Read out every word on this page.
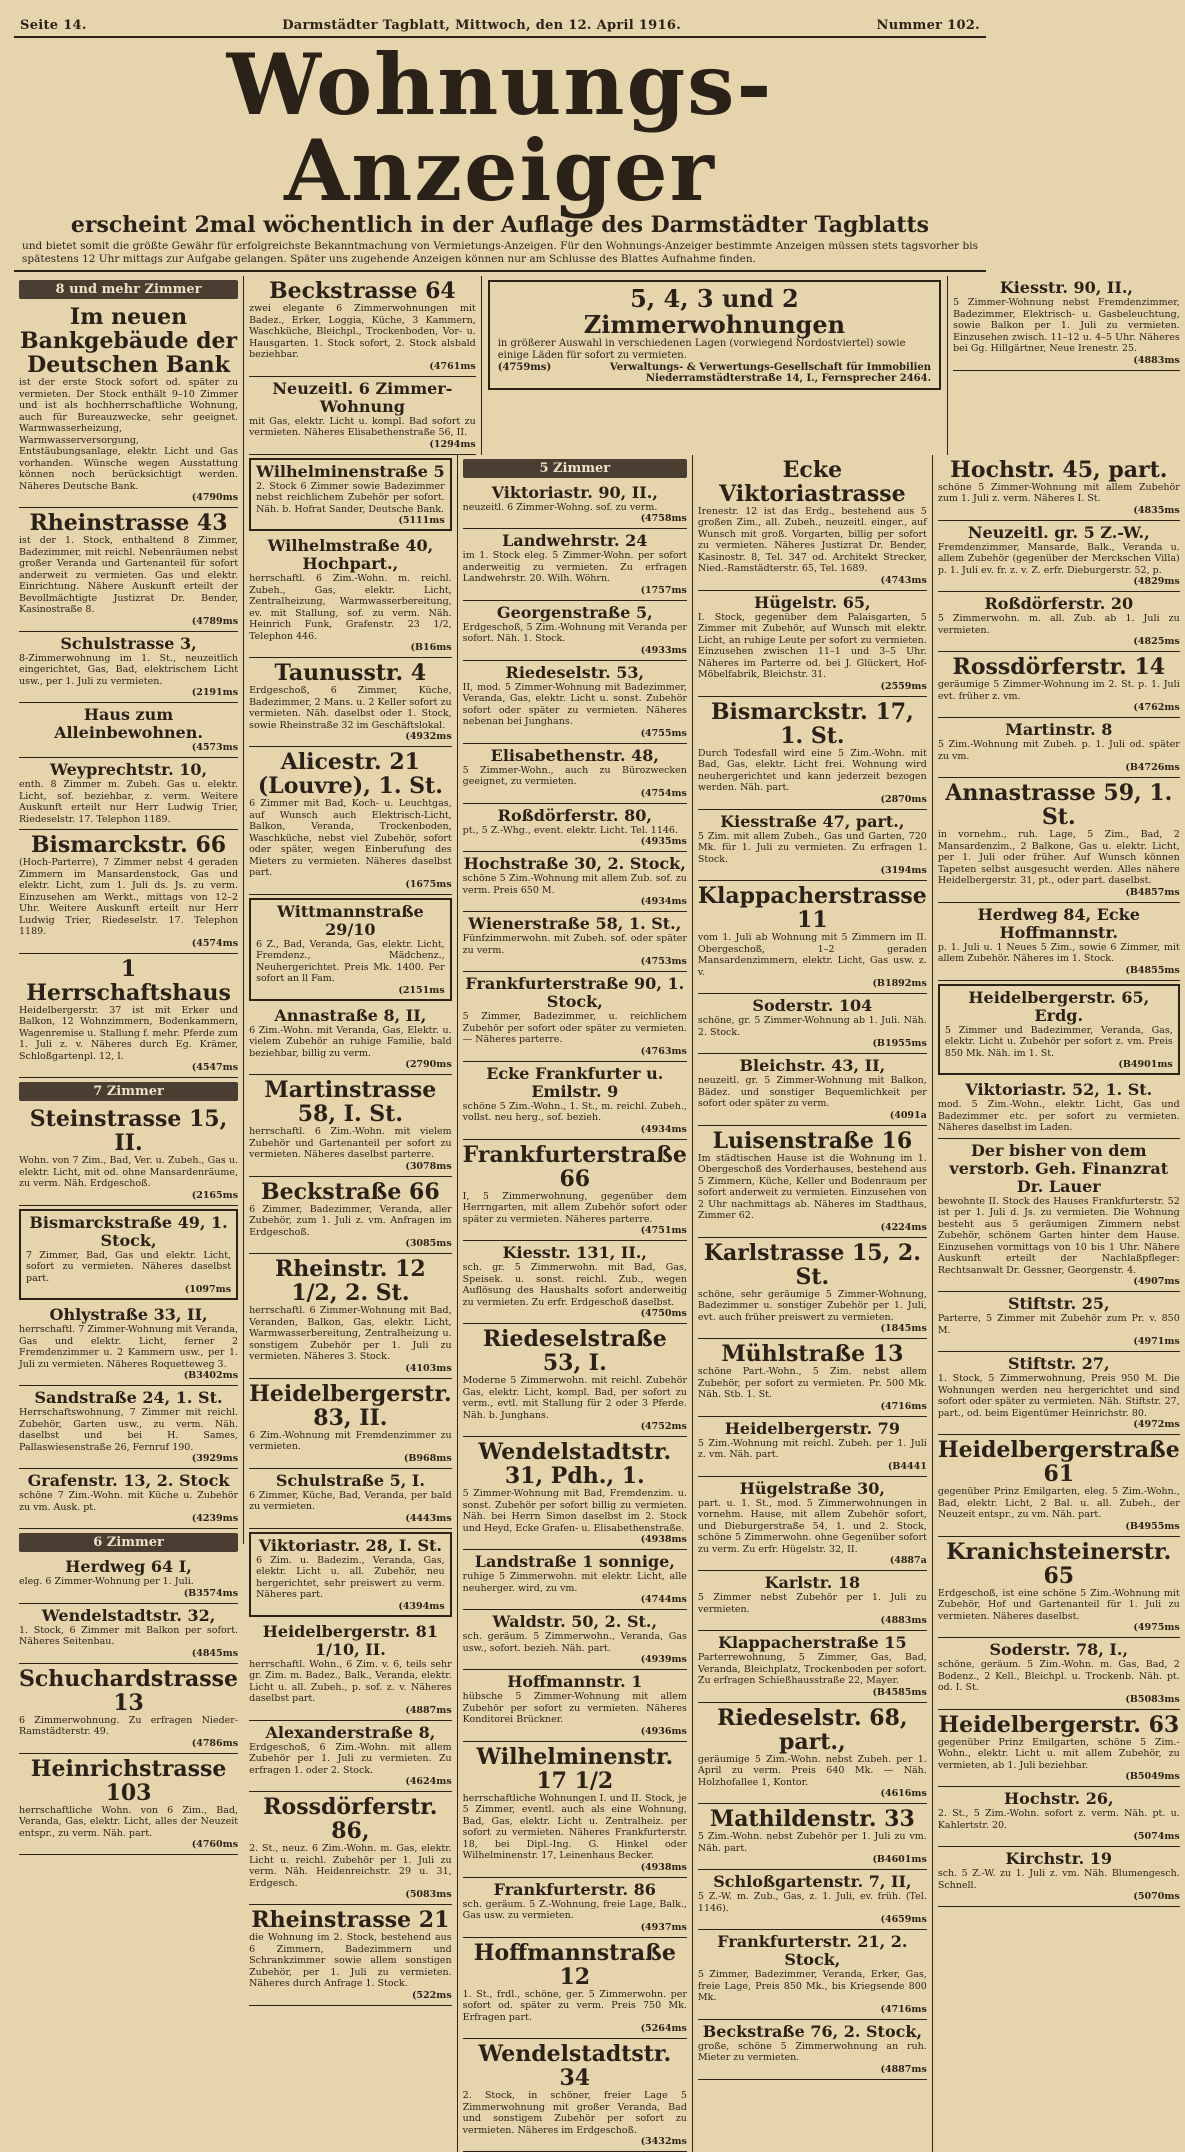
Seite 14.	Darmstädter Tagblatt, Mittwoch, den 12. April 1916.	Nummer 102.
Wohnungs-Anzeiger
erscheint 2mal wöchentlich in der Auflage des Darmstädter Tagblatts
und bietet somit die größte Gewähr für erfolgreichste Bekanntmachung von Vermietungs-Anzeigen. Für den Wohnungs-Anzeiger bestimmte Anzeigen müssen stets tagsvorher bis spätestens 12 Uhr mittags zur Aufgabe gelangen. Später uns zugehende Anzeigen können nur am Schlusse des Blattes Aufnahme finden.
8 und mehr Zimmer
Im neuen Bankgebäude der Deutschen Bank
ist der erste Stock sofort od. später zu vermieten. Der Stock enthält 9–10 Zimmer und ist als hochherrschaftliche Wohnung, auch für Bureauzwecke, sehr geeignet. Warmwasserheizung, Warmwasserversorgung, Entstäubungsanlage, elektr. Licht und Gas vorhanden. Wünsche wegen Ausstattung können noch berücksichtigt werden. Näheres Deutsche Bank.
(4790ms
Rheinstrasse 43
ist der 1. Stock, enthaltend 8 Zimmer, Badezimmer, mit reichl. Nebenräumen nebst großer Veranda und Gartenanteil für sofort anderweit zu vermieten. Gas und elektr. Einrichtung. Nähere Auskunft erteilt der Bevollmächtigte Justizrat Dr. Bender, Kasinostraße 8.
(4789ms
Schulstrasse 3,
8-Zimmerwohnung im 1. St., neuzeitlich eingerichtet, Gas, Bad, elektrischem Licht usw., per 1. Juli zu vermieten.
(2191ms
Haus zum Alleinbewohnen.
(4573ms
Weyprechtstr. 10,
enth. 8 Zimmer m. Zubeh. Gas u. elektr. Licht, sof. beziehbar, z. verm. Weitere Auskunft erteilt nur Herr Ludwig Trier, Riedeselstr. 17. Telephon 1189.
Bismarckstr. 66
(Hoch-Parterre), 7 Zimmer nebst 4 geraden Zimmern im Mansardenstock, Gas und elektr. Licht, zum 1. Juli ds. Js. zu verm. Einzusehen am Werkt., mittags von 12–2 Uhr. Weitere Auskunft erteilt nur Herr Ludwig Trier, Riedeselstr. 17. Telephon 1189.
(4574ms
1 Herrschaftshaus
Heidelbergerstr. 37 ist mit Erker und Balkon, 12 Wohnzimmern, Bodenkammern, Wagenremise u. Stallung f. mehr. Pferde zum 1. Juli z. v. Näheres durch Eg. Krämer, Schloßgartenpl. 12, I.
(4547ms
7 Zimmer
Steinstrasse 15, II.
Wohn. von 7 Zim., Bad, Ver. u. Zubeh., Gas u. elektr. Licht, mit od. ohne Mansardenräume, zu verm. Näh. Erdgeschoß.
(2165ms
Bismarckstraße 49, 1. Stock,
7 Zimmer, Bad, Gas und elektr. Licht, sofort zu vermieten. Näheres daselbst part.
(1097ms
Ohlystraße 33, II,
herrschaftl. 7 Zimmer-Wohnung mit Veranda, Gas und elektr. Licht, ferner 2 Fremdenzimmer u. 2 Kammern usw., per 1. Juli zu vermieten. Näheres Roquetteweg 3.
(B3402ms
Sandstraße 24, 1. St.
Herrschaftswohnung, 7 Zimmer mit reichl. Zubehör, Garten usw., zu verm. Näh. daselbst und bei H. Sames, Pallaswiesenstraße 26, Fernruf 190.
(3929ms
Grafenstr. 13, 2. Stock
schöne 7 Zim.-Wohn. mit Küche u. Zubehör zu vm. Ausk. pt.
(4239ms
6 Zimmer
Herdweg 64 I,
eleg. 6 Zimmer-Wohnung per 1. Juli.
(B3574ms
Wendelstadtstr. 32,
1. Stock, 6 Zimmer mit Balkon per sofort. Näheres Seitenbau.
(4845ms
Schuchardstrasse 13
6 Zimmerwohnung. Zu erfragen Nieder-Ramstädterstr. 49.
(4786ms
Heinrichstrasse 103
herrschaftliche Wohn. von 6 Zim., Bad, Veranda, Gas, elektr. Licht, alles der Neuzeit entspr., zu verm. Näh. part.
(4760ms
Beckstrasse 64
zwei elegante 6 Zimmerwohnungen mit Badez., Erker, Loggia, Küche, 3 Kammern, Waschküche, Bleichpl., Trockenboden, Vor- u. Hausgarten. 1. Stock sofort, 2. Stock alsbald beziehbar.
(4761ms
Neuzeitl. 6 Zimmer-Wohnung
mit Gas, elektr. Licht u. kompl. Bad sofort zu vermieten. Näheres Elisabethenstraße 56, II.
(1294ms
5, 4, 3 und 2 Zimmerwohnungen
in größerer Auswahl in verschiedenen Lagen (vorwiegend Nordostviertel) sowie einige Läden für sofort zu vermieten.
(4759ms)	Verwaltungs- & Verwertungs-Gesellschaft für Immobilien
Niederramstädterstraße 14, I., Fernsprecher 2464.
Kiesstr. 90, II.,
5 Zimmer-Wohnung nebst Fremdenzimmer, Badezimmer, Elektrisch- u. Gasbeleuchtung, sowie Balkon per 1. Juli zu vermieten. Einzusehen zwisch. 11–12 u. 4–5 Uhr. Näheres bei Gg. Hillgärtner, Neue Irenestr. 25.
(4883ms
Wilhelminenstraße 5
2. Stock 6 Zimmer sowie Badezimmer nebst reichlichem Zubehör per sofort. Näh. b. Hofrat Sander, Deutsche Bank.
(5111ms
Wilhelmstraße 40, Hochpart.,
herrschaftl. 6 Zim.-Wohn. m. reichl. Zubeh., Gas, elektr. Licht, Zentralheizung, Warmwasserbereitung, ev. mit Stallung, sof. zu verm. Näh. Heinrich Funk, Grafenstr. 23 1/2, Telephon 446.
(B16ms
Taunusstr. 4
Erdgeschoß, 6 Zimmer, Küche, Badezimmer, 2 Mans. u. 2 Keller sofort zu vermieten. Näh. daselbst oder 1. Stock, sowie Rheinstraße 32 im Geschäftslokal.
(4932ms
Alicestr. 21 (Louvre), 1. St.
6 Zimmer mit Bad, Koch- u. Leuchtgas, auf Wunsch auch Elektrisch-Licht, Balkon, Veranda, Trockenboden, Waschküche, nebst viel Zubehör, sofort oder später, wegen Einberufung des Mieters zu vermieten. Näheres daselbst part.
(1675ms
Wittmannstraße 29/10
6 Z., Bad, Veranda, Gas, elektr. Licht, Fremdenz., Mädchenz., Neuhergerichtet. Preis Mk. 1400. Per sofort an ll Fam.
(2151ms
Annastraße 8, II,
6 Zim.-Wohn. mit Veranda, Gas, Elektr. u. vielem Zubehör an ruhige Familie, bald beziehbar, billig zu verm.
(2790ms
Martinstrasse 58, I. St.
herrschaftl. 6 Zim.-Wohn. mit vielem Zubehör und Gartenanteil per sofort zu vermieten. Näheres daselbst parterre.
(3078ms
Beckstraße 66
6 Zimmer, Badezimmer, Veranda, aller Zubehör, zum 1. Juli z. vm. Anfragen im Erdgeschoß.
(3085ms
Rheinstr. 12 1/2, 2. St.
herrschaftl. 6 Zimmer-Wohnung mit Bad, Veranden, Balkon, Gas, elektr. Licht, Warmwasserbereitung, Zentralheizung u. sonstigem Zubehör per 1. Juli zu vermieten. Näheres 3. Stock.
(4103ms
Heidelbergerstr. 83, II.
6 Zim.-Wohnung mit Fremdenzimmer zu vermieten.
(B968ms
Schulstraße 5, I.
6 Zimmer, Küche, Bad, Veranda, per bald zu vermieten.
(4443ms
Viktoriastr. 28, I. St.
6 Zim. u. Badezim., Veranda, Gas, elektr. Licht u. all. Zubehör, neu hergerichtet, sehr preiswert zu verm. Näheres part.
(4394ms
Heidelbergerstr. 81 1/10, II.
herrschaftl. Wohn., 6 Zim. v. 6, teils sehr gr. Zim. m. Badez., Balk., Veranda, elektr. Licht u. all. Zubeh., p. sof. z. v. Näheres daselbst part.
(4887ms
Alexanderstraße 8,
Erdgeschoß, 6 Zim.-Wohn. mit allem Zubehör per 1. Juli zu vermieten. Zu erfragen 1. oder 2. Stock.
(4624ms
Rossdörferstr. 86,
2. St., neuz. 6 Zim.-Wohn. m. Gas, elektr. Licht u. reichl. Zubehör per 1. Juli zu verm. Näh. Heidenreichstr. 29 u. 31, Erdgesch.
(5083ms
Rheinstrasse 21
die Wohnung im 2. Stock, bestehend aus 6 Zimmern, Badezimmern und Schrankzimmer sowie allem sonstigen Zubehör, per 1. Juli zu vermieten. Näheres durch Anfrage 1. Stock.
(522ms
5 Zimmer
Viktoriastr. 90, II.,
neuzeitl. 6 Zimmer-Wohng. sof. zu verm.
(4758ms
Landwehrstr. 24
im 1. Stock eleg. 5 Zimmer-Wohn. per sofort anderweitig zu vermieten. Zu erfragen Landwehrstr. 20. Wilh. Wöhrn.
(1757ms
Georgenstraße 5,
Erdgeschoß, 5 Zim.-Wohnung mit Veranda per sofort. Näh. 1. Stock.
(4933ms
Riedeselstr. 53,
II, mod. 5 Zimmer-Wohnung mit Badezimmer, Veranda, Gas, elektr. Licht u. sonst. Zubehör sofort oder später zu vermieten. Näheres nebenan bei Junghans.
(4755ms
Elisabethenstr. 48,
5 Zimmer-Wohn., auch zu Bürozwecken geeignet, zu vermieten.
(4754ms
Roßdörferstr. 80,
pt., 5 Z.-Whg., event. elektr. Licht. Tel. 1146.
(4935ms
Hochstraße 30, 2. Stock,
schöne 5 Zim.-Wohnung mit allem Zub. sof. zu verm. Preis 650 M.
(4934ms
Wienerstraße 58, 1. St.,
Fünfzimmerwohn. mit Zubeh. sof. oder später zu verm.
(4753ms
Frankfurterstraße 90, 1. Stock,
5 Zimmer, Badezimmer, u. reichlichem Zubehör per sofort oder später zu vermieten. — Näheres parterre.
(4763ms
Ecke Frankfurter u. Emilstr. 9
schöne 5 Zim.-Wohn., 1. St., m. reichl. Zubeh., vollst. neu herg., sof. bezieh.
(4934ms
Frankfurterstraße 66
I, 5 Zimmerwohnung, gegenüber dem Herrngarten, mit allem Zubehör sofort oder später zu vermieten. Näheres parterre.
(4751ms
Kiesstr. 131, II.,
sch. gr. 5 Zimmerwohn. mit Bad, Gas, Speisek. u. sonst. reichl. Zub., wegen Auflösung des Haushalts sofort anderweitig zu vermieten. Zu erfr. Erdgeschoß daselbst.
(4750ms
Riedeselstraße 53, I.
Moderne 5 Zimmerwohn. mit reichl. Zubehör Gas, elektr. Licht, kompl. Bad, per sofort zu verm., evtl. mit Stallung für 2 oder 3 Pferde. Näh. b. Junghans.
(4752ms
Wendelstadtstr. 31, Pdh., 1.
5 Zimmer-Wohnung mit Bad, Fremdenzim. u. sonst. Zubehör per sofort billig zu vermieten. Näh. bei Herrn Simon daselbst im 2. Stock und Heyd, Ecke Grafen- u. Elisabethenstraße.
(4938ms
Landstraße 1 sonnige,
ruhige 5 Zimmerwohn. mit elektr. Licht, alle neuherger. wird, zu vm.
(4744ms
Waldstr. 50, 2. St.,
sch. geräum. 5 Zimmerwohn., Veranda, Gas usw., sofort. bezieh. Näh. part.
(4939ms
Hoffmannstr. 1
hübsche 5 Zimmer-Wohnung mit allem Zubehör per sofort zu vermieten. Näheres Konditorei Brückner.
(4936ms
Wilhelminenstr. 17 1/2
herrschaftliche Wohnungen I. und II. Stock, je 5 Zimmer, eventl. auch als eine Wohnung, Bad, Gas, elektr. Licht u. Zentralheiz. per sofort zu vermieten. Näheres Frankfurterstr. 18, bei Dipl.-Ing. G. Hinkel oder Wilhelminenstr. 17, Leinenhaus Becker.
(4938ms
Frankfurterstr. 86
sch. geräum. 5 Z.-Wohnung, freie Lage, Balk., Gas usw. zu vermieten.
(4937ms
Hoffmannstraße 12
1. St., frdl., schöne, ger. 5 Zimmerwohn. per sofort od. später zu verm. Preis 750 Mk. Erfragen part.
(5264ms
Wendelstadtstr. 34
2. Stock, in schöner, freier Lage 5 Zimmerwohnung mit großer Veranda, Bad und sonstigem Zubehör per sofort zu vermieten. Näheres im Erdgeschoß.
(3432ms
Ecke Viktoriastrasse
Irenestr. 12 ist das Erdg., bestehend aus 5 großen Zim., all. Zubeh., neuzeitl. einger., auf Wunsch mit groß. Vorgarten, billig per sofort zu vermieten. Näheres Justizrat Dr. Bender, Kasinostr. 8, Tel. 347 od. Architekt Strecker, Nied.-Ramstädterstr. 65, Tel. 1689.
(4743ms
Hügelstr. 65,
I. Stock, gegenüber dem Palaisgarten, 5 Zimmer mit Zubehör, auf Wunsch mit elektr. Licht, an ruhige Leute per sofort zu vermieten. Einzusehen zwischen 11–1 und 3–5 Uhr. Näheres im Parterre od. bei J. Glückert, Hof-Möbelfabrik, Bleichstr. 31.
(2559ms
Bismarckstr. 17, 1. St.
Durch Todesfall wird eine 5 Zim.-Wohn. mit Bad, Gas, elektr. Licht frei. Wohnung wird neuhergerichtet und kann jederzeit bezogen werden. Näh. part.
(2870ms
Kiesstraße 47, part.,
5 Zim. mit allem Zubeh., Gas und Garten, 720 Mk. für 1. Juli zu vermieten. Zu erfragen 1. Stock.
(3194ms
Klappacherstrasse 11
vom 1. Juli ab Wohnung mit 5 Zimmern im II. Obergeschoß, 1–2 geraden Mansardenzimmern, elektr. Licht, Gas usw. z. v.
(B1892ms
Soderstr. 104
schöne, gr. 5 Zimmer-Wohnung ab 1. Juli. Näh. 2. Stock.
(B1955ms
Bleichstr. 43, II,
neuzeitl. gr. 5 Zimmer-Wohnung mit Balkon, Bädez. und sonstiger Bequemlichkeit per sofort oder später zu verm.
(4091a
Luisenstraße 16
Im städtischen Hause ist die Wohnung im 1. Obergeschoß des Vorderhauses, bestehend aus 5 Zimmern, Küche, Keller und Bodenraum per sofort anderweit zu vermieten. Einzusehen von 2 Uhr nachmittags ab. Näheres im Stadthaus, Zimmer 62.
(4224ms
Karlstrasse 15, 2. St.
schöne, sehr geräumige 5 Zimmer-Wohnung, Badezimmer u. sonstiger Zubehör per 1. Juli, evt. auch früher preiswert zu vermieten.
(1845ms
Mühlstraße 13
schöne Part.-Wohn., 5 Zim. nebst allem Zubehör, per sofort zu vermieten. Pr. 500 Mk. Näh. Stb. 1. St.
(4716ms
Heidelbergerstr. 79
5 Zim.-Wohnung mit reichl. Zubeh. per 1. Juli z. vm. Näh. part.
(B4441
Hügelstraße 30,
part. u. 1. St., mod. 5 Zimmerwohnungen in vornehm. Hause, mit allem Zubehör sofort, und Dieburgerstraße 54, 1. und 2. Stock, schöne 5 Zimmerwohn. ohne Gegenüber sofort zu verm. Zu erfr. Hügelstr. 32, II.
(4887a
Karlstr. 18
5 Zimmer nebst Zubehör per 1. Juli zu vermieten.
(4883ms
Klappacherstraße 15
Parterrewohnung, 5 Zimmer, Gas, Bad, Veranda, Bleichplatz, Trockenboden per sofort. Zu erfragen Schießhausstraße 22, Mayer.
(B4585ms
Riedeselstr. 68, part.,
geräumige 5 Zim.-Wohn. nebst Zubeh. per 1. April zu verm. Preis 640 Mk. — Näh. Holzhofallee 1, Kontor.
(4616ms
Mathildenstr. 33
5 Zim.-Wohn. nebst Zubehör per 1. Juli zu vm. Näh. part.
(B4601ms
Schloßgartenstr. 7, II,
5 Z.-W. m. Zub., Gas, z. 1. Juli, ev. früh. (Tel. 1146).
(4659ms
Frankfurterstr. 21, 2. Stock,
5 Zimmer, Badezimmer, Veranda, Erker, Gas, freie Lage, Preis 850 Mk., bis Kriegsende 800 Mk.
(4716ms
Beckstraße 76, 2. Stock,
große, schöne 5 Zimmerwohnung an ruh. Mieter zu vermieten.
(4887ms
Hochstr. 45, part.
schöne 5 Zimmer-Wohnung mit allem Zubehör zum 1. Juli z. verm. Näheres I. St.
(4835ms
Neuzeitl. gr. 5 Z.-W.,
Fremdenzimmer, Mansarde, Balk., Veranda u. allem Zubehör (gegenüber der Merckschen Villa) p. 1. Juli ev. fr. z. v. Z. erfr. Dieburgerstr. 52, p.
(4829ms
Roßdörferstr. 20
5 Zimmerwohn. m. all. Zub. ab 1. Juli zu vermieten.
(4825ms
Rossdörferstr. 14
geräumige 5 Zimmer-Wohnung im 2. St. p. 1. Juli evt. früher z. vm.
(4762ms
Martinstr. 8
5 Zim.-Wohnung mit Zubeh. p. 1. Juli od. später zu vm.
(B4726ms
Annastrasse 59, 1. St.
in vornehm., ruh. Lage, 5 Zim., Bad, 2 Mansardenzim., 2 Balkone, Gas u. elektr. Licht, per 1. Juli oder früher. Auf Wunsch können Tapeten selbst ausgesucht werden. Alles nähere Heidelbergerstr. 31, pt., oder part. daselbst.
(B4857ms
Herdweg 84, Ecke Hoffmannstr.
p. 1. Juli u. 1 Neues 5 Zim., sowie 6 Zimmer, mit allem Zubehör. Näheres im 1. Stock.
(B4855ms
Heidelbergerstr. 65, Erdg.
5 Zimmer und Badezimmer, Veranda, Gas, elektr. Licht u. Zubehör per sofort z. vm. Preis 850 Mk. Näh. im 1. St.
(B4901ms
Viktoriastr. 52, 1. St.
mod. 5 Zim.-Wohn., elektr. Licht, Gas und Badezimmer etc. per sofort zu vermieten. Näheres daselbst im Laden.
Der bisher von dem verstorb. Geh. Finanzrat Dr. Lauer
bewohnte II. Stock des Hauses Frankfurterstr. 52 ist per 1. Juli d. Js. zu vermieten. Die Wohnung besteht aus 5 geräumigen Zimmern nebst Zubehör, schönem Garten hinter dem Hause. Einzusehen vormittags von 10 bis 1 Uhr. Nähere Auskunft erteilt der Nachlaßpfleger: Rechtsanwalt Dr. Gessner, Georgenstr. 4.
(4907ms
Stiftstr. 25,
Parterre, 5 Zimmer mit Zubehör zum Pr. v. 850 M.
(4971ms
Stiftstr. 27,
1. Stock, 5 Zimmerwohnung, Preis 950 M. Die Wohnungen werden neu hergerichtet und sind sofort oder später zu vermieten. Näh. Stiftstr. 27, part., od. beim Eigentümer Heinrichstr. 80.
(4972ms
Heidelbergerstraße 61
gegenüber Prinz Emilgarten, eleg. 5 Zim.-Wohn., Bad, elektr. Licht, 2 Bal. u. all. Zubeh., der Neuzeit entspr., zu vm. Näh. part.
(B4955ms
Kranichsteinerstr. 65
Erdgeschoß, ist eine schöne 5 Zim.-Wohnung mit Zubehör, Hof und Gartenanteil für 1. Juli zu vermieten. Näheres daselbst.
(4975ms
Soderstr. 78, I.,
schöne, geräum. 5 Zim.-Wohn. m. Gas, Bad, 2 Bodenz., 2 Kell., Bleichpl. u. Trockenb. Näh. pt. od. I. St.
(B5083ms
Heidelbergerstr. 63
gegenüber Prinz Emilgarten, schöne 5 Zim.-Wohn., elektr. Licht u. mit allem Zubehör, zu vermieten, ab 1. Juli beziehbar.
(B5049ms
Hochstr. 26,
2. St., 5 Zim.-Wohn. sofort z. verm. Näh. pt. u. Kahlertstr. 20.
(5074ms
Kirchstr. 19
sch. 5 Z.-W. zu 1. Juli z. vm. Näh. Blumengesch. Schnell.
(5070ms
